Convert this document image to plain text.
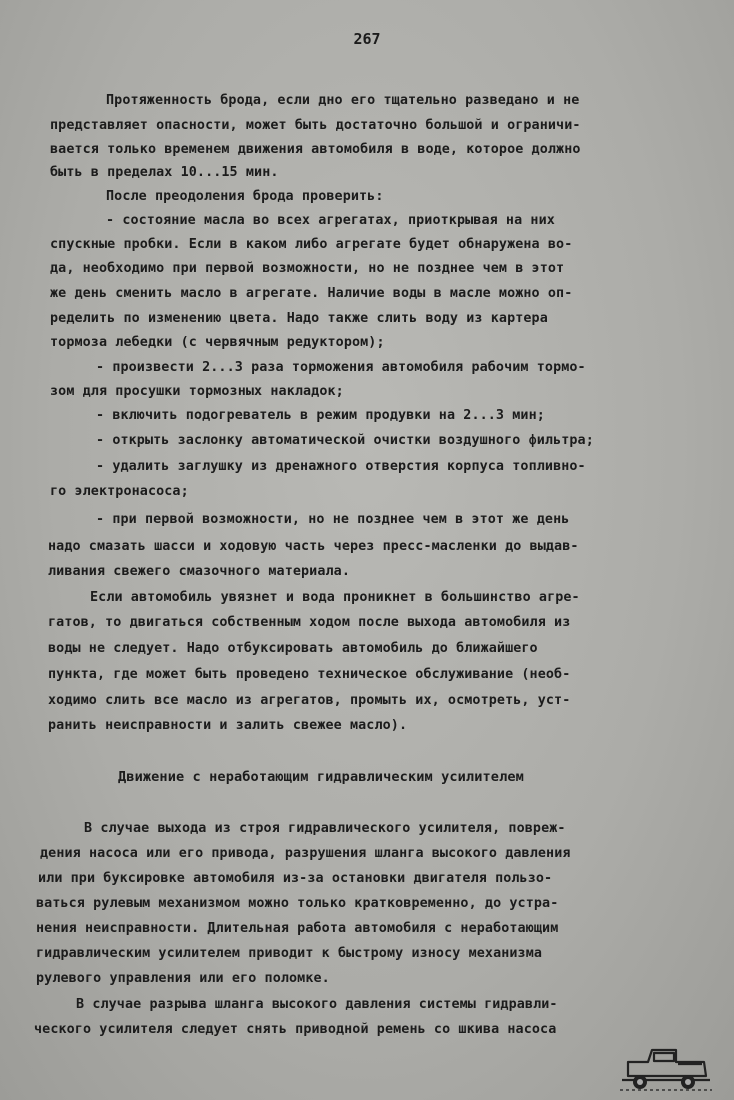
267

Протяженность брода, если дно его тщательно разведано и не

представляет опасности, может быть достаточно большой и ограничи-

вается только временем движения автомобиля в воде, которое должно

быть в пределах 10...15 мин.

После преодоления брода проверить:

- состояние масла во всех агрегатах, приоткрывая на них

спускные пробки. Если в каком либо агрегате будет обнаружена во-

да, необходимо при первой возможности, но не позднее чем в этот

же день сменить масло в агрегате. Наличие воды в масле можно оп-

ределить по изменению цвета. Надо также слить воду из картера

тормоза лебедки (с червячным редуктором);

- произвести 2...3 раза торможения автомобиля рабочим тормо-

зом для просушки тормозных накладок;

- включить подогреватель в режим продувки на 2...3 мин;

- открыть заслонку автоматической очистки воздушного фильтра;

- удалить заглушку из дренажного отверстия корпуса топливно-

го электронасоса;

- при первой возможности, но не позднее чем в этот же день

надо смазать шасси и ходовую часть через пресс-масленки до выдав-

ливания свежего смазочного материала.

Если автомобиль увязнет и вода проникнет в большинство агре-

гатов, то двигаться собственным ходом после выхода автомобиля из

воды не следует. Надо отбуксировать автомобиль до ближайшего

пункта, где может быть проведено техническое обслуживание (необ-

ходимо слить все масло из агрегатов, промыть их, осмотреть, уст-

ранить неисправности и залить свежее масло).

Движение с неработающим гидравлическим усилителем

В случае выхода из строя гидравлического усилителя, повреж-

дения насоса или его привода, разрушения шланга высокого давления

или при буксировке автомобиля из-за остановки двигателя пользо-

ваться рулевым механизмом можно только кратковременно, до устра-

нения неисправности. Длительная работа автомобиля с неработающим

гидравлическим усилителем приводит к быстрому износу механизма

рулевого управления или его поломке.

В случае разрыва шланга высокого давления системы гидравли-

ческого усилителя следует снять приводной ремень со шкива насоса
